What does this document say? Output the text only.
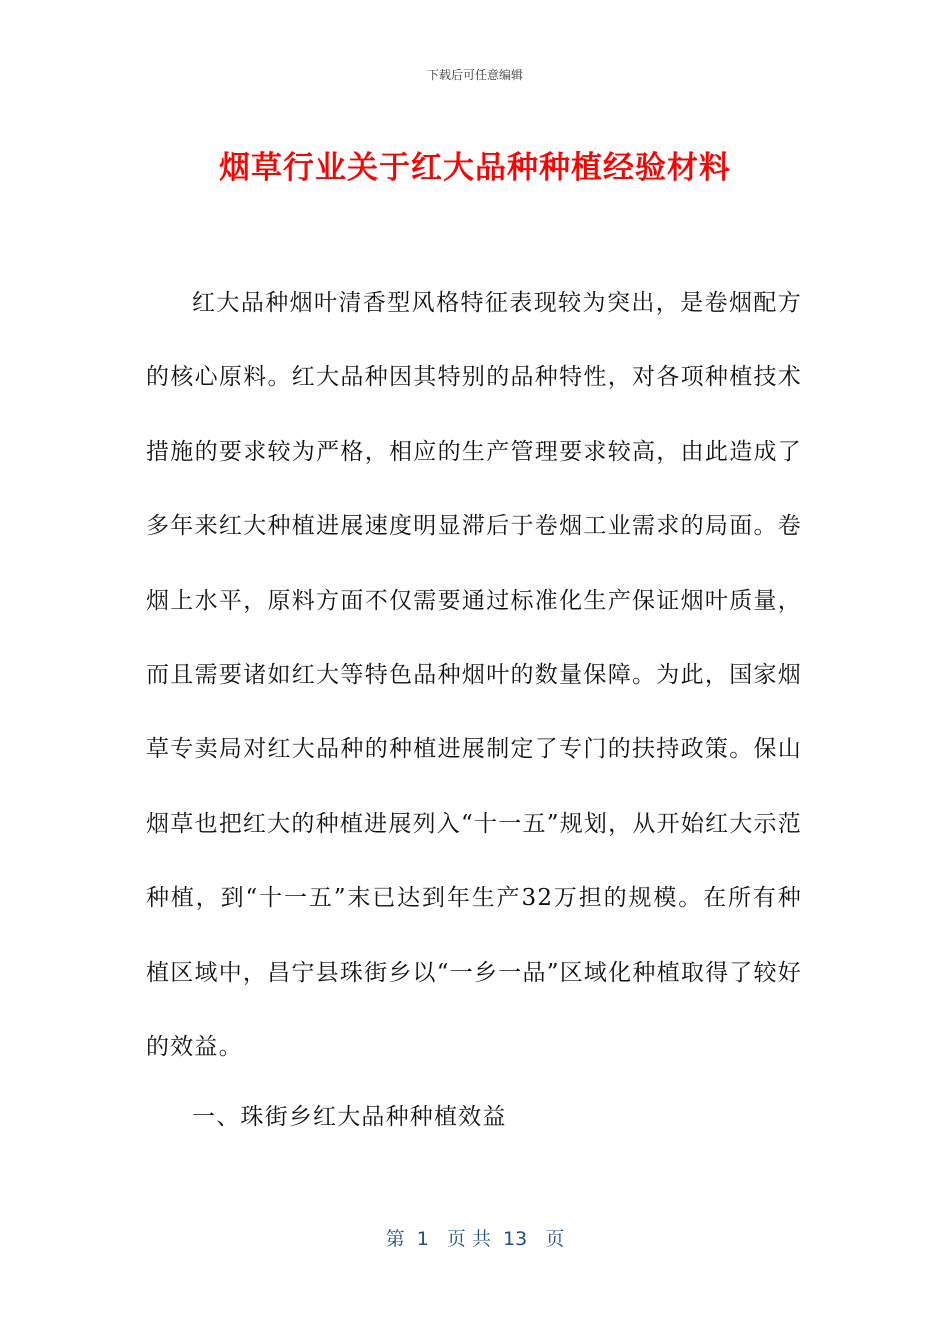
下载后可任意编辑
烟草行业关于红大品种种植经验材料

红大品种烟叶清香型风格特征表现较为突出，是卷烟配方的核心原料。红大品种因其特别的品种特性，对各项种植技术措施的要求较为严格，相应的生产管理要求较高，由此造成了多年来红大种植进展速度明显滞后于卷烟工业需求的局面。卷烟上水平，原料方面不仅需要通过标准化生产保证烟叶质量，而且需要诸如红大等特色品种烟叶的数量保障。为此，国家烟草专卖局对红大品种的种植进展制定了专门的扶持政策。保山烟草也把红大的种植进展列入“十一五”规划，从开始红大示范种植，到“十一五”末已达到年生产32万担的规模。在所有种植区域中，昌宁县珠街乡以“一乡一品”区域化种植取得了较好的效益。

一、珠街乡红大品种种植效益
第  1   页 共  13   页
